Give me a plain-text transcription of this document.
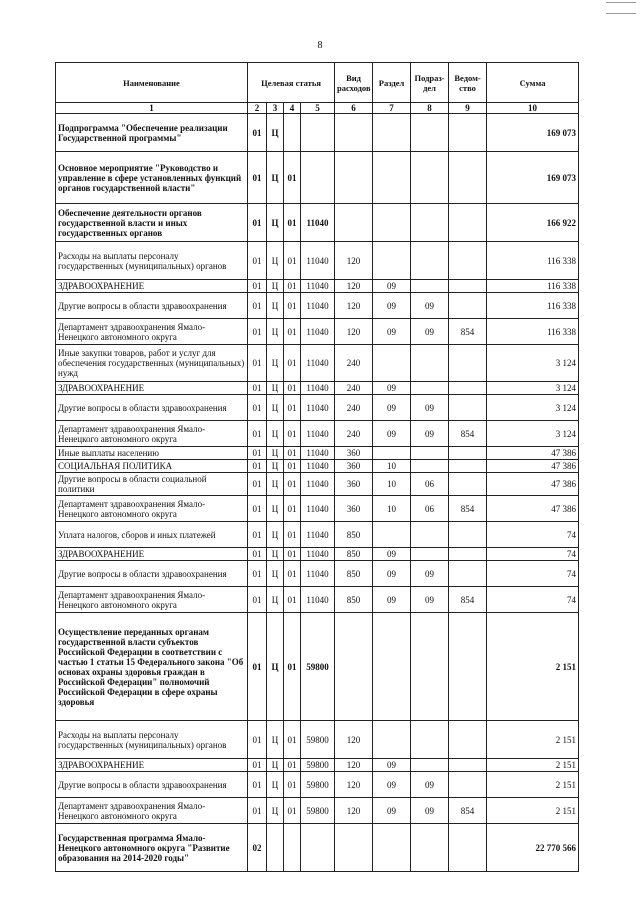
8
Наименование	Целевая статья				Вид расходов	Раздел	Подраз-дел	Ведом-ство	Сумма
1	2	3	4	5	6	7	8	9	10
Подпрограмма "Обеспечение реализации Государственной программы"	01	Ц							169 073
Основное мероприятие "Руководство и управление в сфере установленных функций органов государственной власти"	01	Ц	01						169 073
Обеспечение деятельности органов государственной власти и иных государственных органов	01	Ц	01	11040					166 922
Расходы на выплаты персоналу государственных (муниципальных) органов	01	Ц	01	11040	120				116 338
ЗДРАВООХРАНЕНИЕ	01	Ц	01	11040	120	09			116 338
Другие вопросы в области здравоохранения	01	Ц	01	11040	120	09	09		116 338
Департамент здравоохранения Ямало-Ненецкого автономного округа	01	Ц	01	11040	120	09	09	854	116 338
Иные закупки товаров, работ и услуг для обеспечения государственных (муниципальных) нужд	01	Ц	01	11040	240				3 124
ЗДРАВООХРАНЕНИЕ	01	Ц	01	11040	240	09			3 124
Другие вопросы в области здравоохранения	01	Ц	01	11040	240	09	09		3 124
Департамент здравоохранения Ямало-Ненецкого автономного округа	01	Ц	01	11040	240	09	09	854	3 124
Иные выплаты населению	01	Ц	01	11040	360				47 386
СОЦИАЛЬНАЯ ПОЛИТИКА	01	Ц	01	11040	360	10			47 386
Другие вопросы в области социальной политики	01	Ц	01	11040	360	10	06		47 386
Департамент здравоохранения Ямало-Ненецкого автономного округа	01	Ц	01	11040	360	10	06	854	47 386
Уплата налогов, сборов и иных платежей	01	Ц	01	11040	850				74
ЗДРАВООХРАНЕНИЕ	01	Ц	01	11040	850	09			74
Другие вопросы в области здравоохранения	01	Ц	01	11040	850	09	09		74
Департамент здравоохранения Ямало-Ненецкого автономного округа	01	Ц	01	11040	850	09	09	854	74
Осуществление переданных органам государственной власти субъектов Российской Федерации в соответствии с частью 1 статьи 15 Федерального закона "Об основах охраны здоровья граждан в Российской Федерации" полномочий Российской Федерации в сфере охраны здоровья	01	Ц	01	59800					2 151
Расходы на выплаты персоналу государственных (муниципальных) органов	01	Ц	01	59800	120				2 151
ЗДРАВООХРАНЕНИЕ	01	Ц	01	59800	120	09			2 151
Другие вопросы в области здравоохранения	01	Ц	01	59800	120	09	09		2 151
Департамент здравоохранения Ямало-Ненецкого автономного округа	01	Ц	01	59800	120	09	09	854	2 151
Государственная программа Ямало-Ненецкого автономного округа "Развитие образования на 2014-2020 годы"	02								22 770 566
